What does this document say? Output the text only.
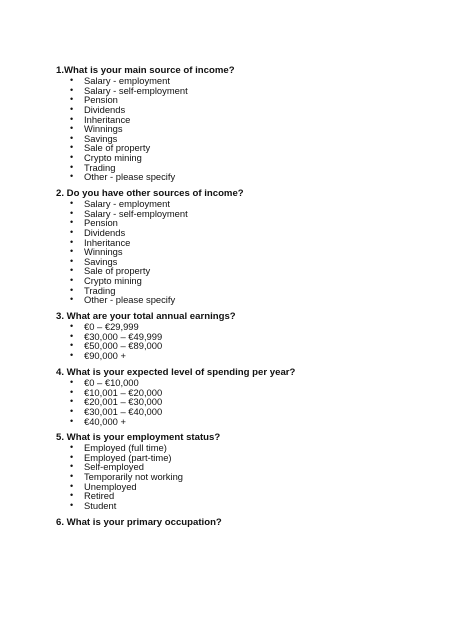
1.What is your main source of income?
• Salary - employment
• Salary - self-employment
• Pension
• Dividends
• Inheritance
• Winnings
• Savings
• Sale of property
• Crypto mining
• Trading
• Other - please specify
2. Do you have other sources of income?
• Salary - employment
• Salary - self-employment
• Pension
• Dividends
• Inheritance
• Winnings
• Savings
• Sale of property
• Crypto mining
• Trading
• Other - please specify
3. What are your total annual earnings?
• €0 – €29,999
• €30,000 – €49,999
• €50,000 – €89,000
• €90,000 +
4. What is your expected level of spending per year?
• €0 – €10,000
• €10,001 – €20,000
• €20,001 – €30,000
• €30,001 – €40,000
• €40,000 +
5. What is your employment status?
• Employed (full time)
• Employed (part-time)
• Self-employed
• Temporarily not working
• Unemployed
• Retired
• Student
6. What is your primary occupation?
